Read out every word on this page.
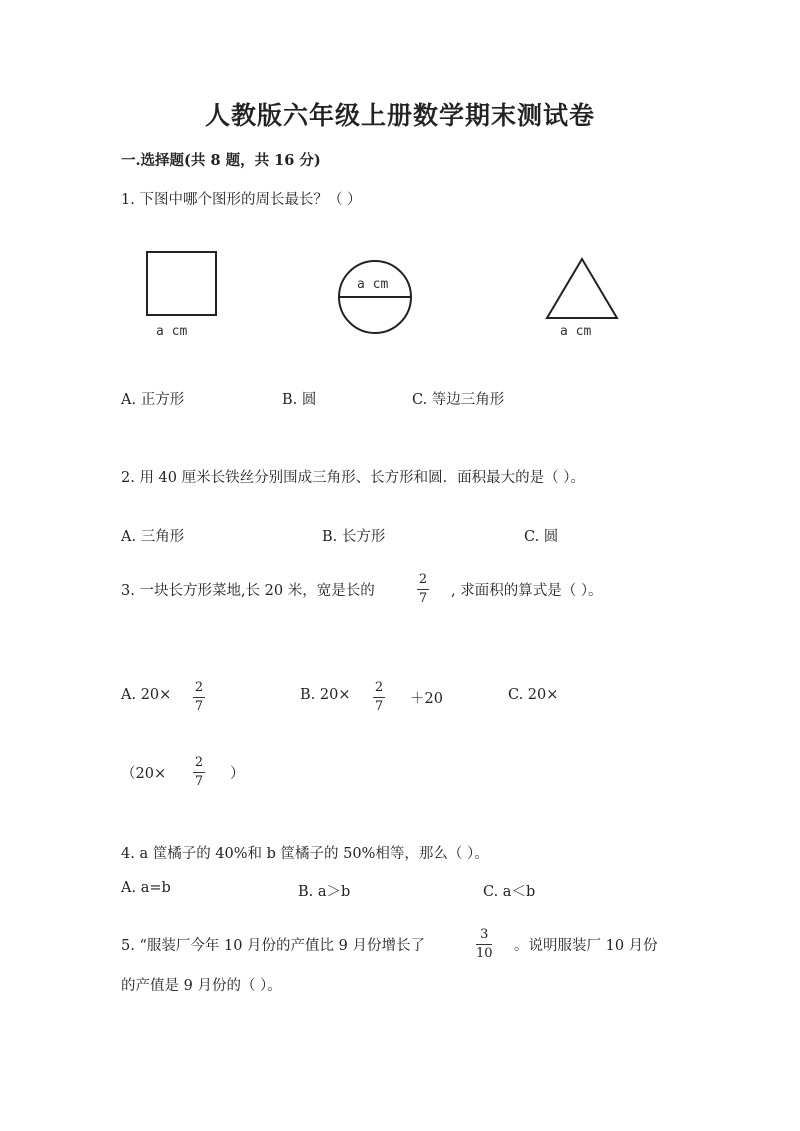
人教版六年级上册数学期末测试卷
一.选择题(共 8 题，共 16 分)
1. 下图中哪个图形的周长最长？（ ）
a cm
a cm
a cm
A. 正方形	B. 圆	C. 等边三角形
2. 用 40 厘米长铁丝分别围成三角形、长方形和圆．面积最大的是（ ）。
A. 三角形	B. 长方形	C. 圆
3. 一块长方形菜地,长 20 米，宽是长的
2
7 , 求面积的算式是（ ）。
A. 20× 2
7
B. 20× 2
7 ＋20	C. 20×
（20×
2
7 ）
4. a 筐橘子的 40%和 b 筐橘子的 50%相等，那么（ ）。
A. a=b	B. a＞b	C. a＜b
5. “服装厂今年 10 月份的产值比 9 月份增长了
3
10 。说明服装厂 10 月份
的产值是 9 月份的（ ）。
